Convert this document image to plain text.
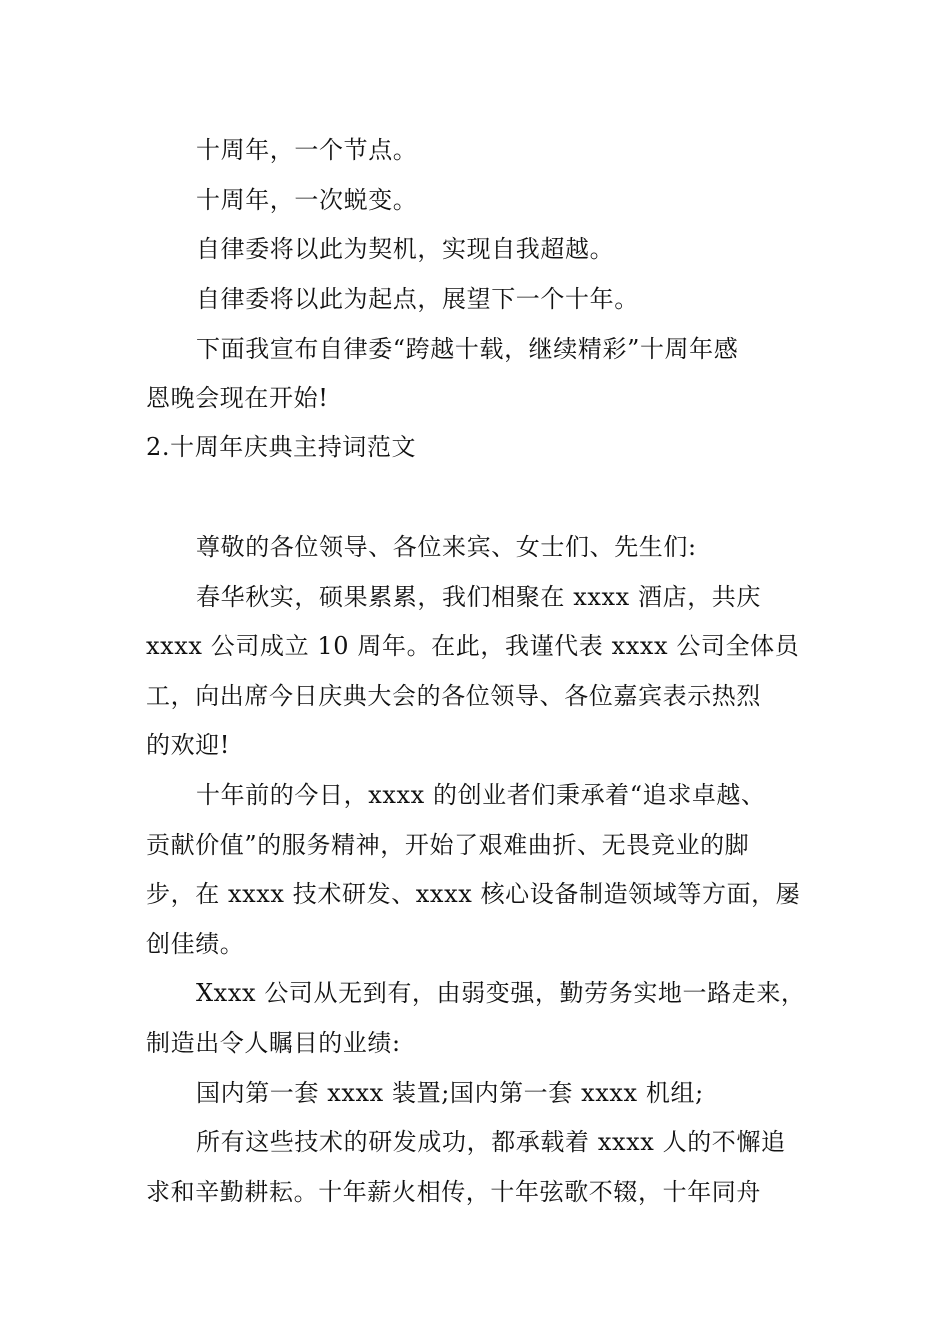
十周年，一个节点。
十周年，一次蜕变。
自律委将以此为契机，实现自我超越。
自律委将以此为起点，展望下一个十年。
下面我宣布自律委“跨越十载，继续精彩”十周年感
恩晚会现在开始!
2.十周年庆典主持词范文
尊敬的各位领导、各位来宾、女士们、先生们:
春华秋实，硕果累累，我们相聚在 xxxx 酒店，共庆
xxxx 公司成立 10 周年。在此，我谨代表 xxxx 公司全体员
工，向出席今日庆典大会的各位领导、各位嘉宾表示热烈
的欢迎!
十年前的今日，xxxx 的创业者们秉承着“追求卓越、
贡献价值”的服务精神，开始了艰难曲折、无畏竞业的脚
步，在 xxxx 技术研发、xxxx 核心设备制造领域等方面，屡
创佳绩。
Xxxx 公司从无到有，由弱变强，勤劳务实地一路走来，
制造出令人瞩目的业绩:
国内第一套 xxxx 装置;国内第一套 xxxx 机组;
所有这些技术的研发成功，都承载着 xxxx 人的不懈追
求和辛勤耕耘。十年薪火相传，十年弦歌不辍，十年同舟
